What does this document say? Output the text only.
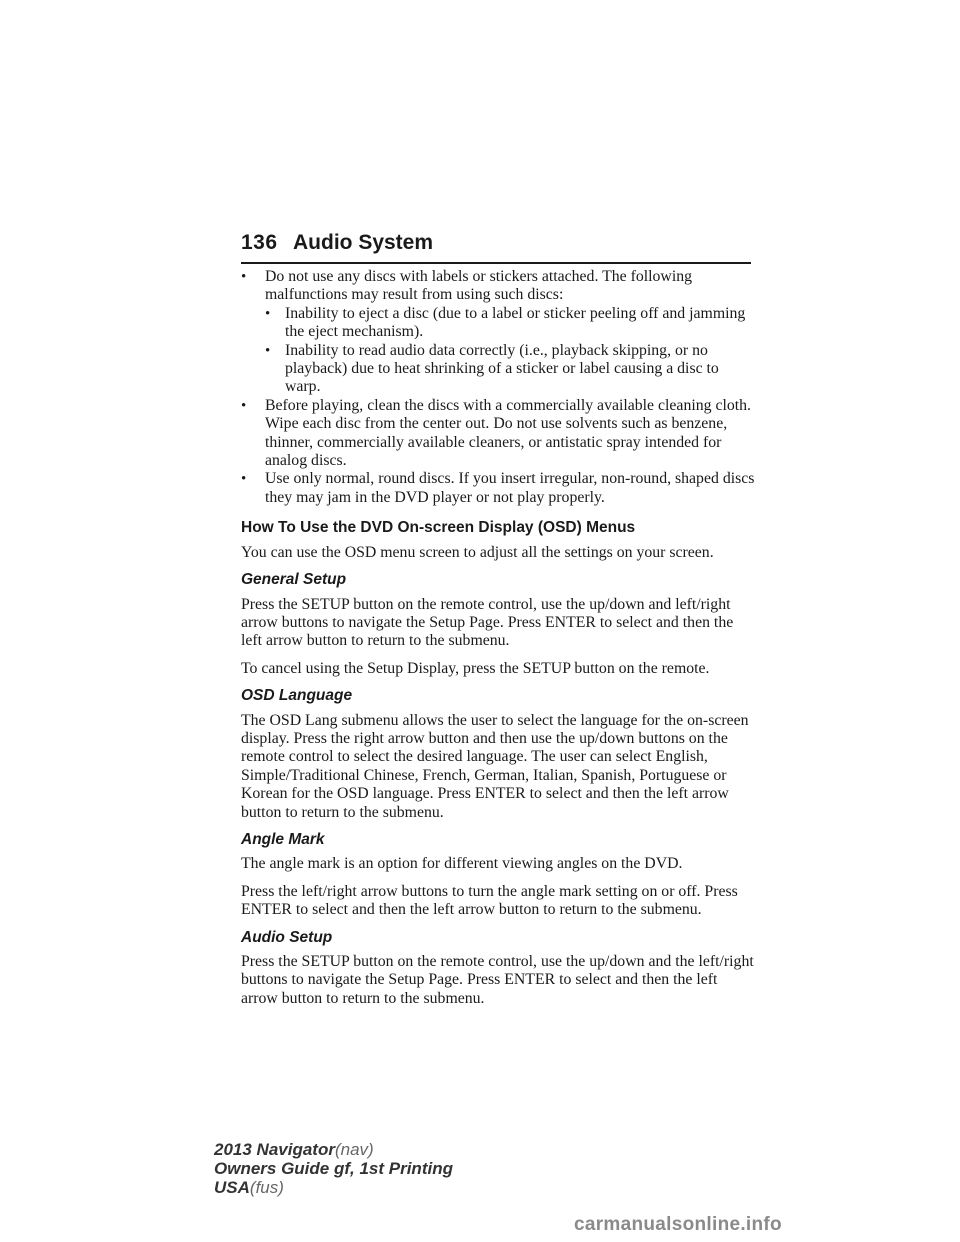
136 Audio System
• Do not use any discs with labels or stickers attached. The following malfunctions may result from using such discs:
• Inability to eject a disc (due to a label or sticker peeling off and jamming the eject mechanism).
• Inability to read audio data correctly (i.e., playback skipping, or no playback) due to heat shrinking of a sticker or label causing a disc to warp.
• Before playing, clean the discs with a commercially available cleaning cloth. Wipe each disc from the center out. Do not use solvents such as benzene, thinner, commercially available cleaners, or antistatic spray intended for analog discs.
• Use only normal, round discs. If you insert irregular, non-round, shaped discs they may jam in the DVD player or not play properly.
How To Use the DVD On-screen Display (OSD) Menus

You can use the OSD menu screen to adjust all the settings on your screen.

General Setup

Press the SETUP button on the remote control, use the up/down and left/right arrow buttons to navigate the Setup Page. Press ENTER to select and then the left arrow button to return to the submenu.

To cancel using the Setup Display, press the SETUP button on the remote.

OSD Language

The OSD Lang submenu allows the user to select the language for the on-screen display. Press the right arrow button and then use the up/down buttons on the remote control to select the desired language. The user can select English, Simple/Traditional Chinese, French, German, Italian, Spanish, Portuguese or Korean for the OSD language. Press ENTER to select and then the left arrow button to return to the submenu.

Angle Mark

The angle mark is an option for different viewing angles on the DVD.

Press the left/right arrow buttons to turn the angle mark setting on or off. Press ENTER to select and then the left arrow button to return to the submenu.

Audio Setup

Press the SETUP button on the remote control, use the up/down and the left/right buttons to navigate the Setup Page. Press ENTER to select and then the left arrow button to return to the submenu.

2013 Navigator(nav)
Owners Guide gf, 1st Printing
USA(fus)
carmanualsonline.info
